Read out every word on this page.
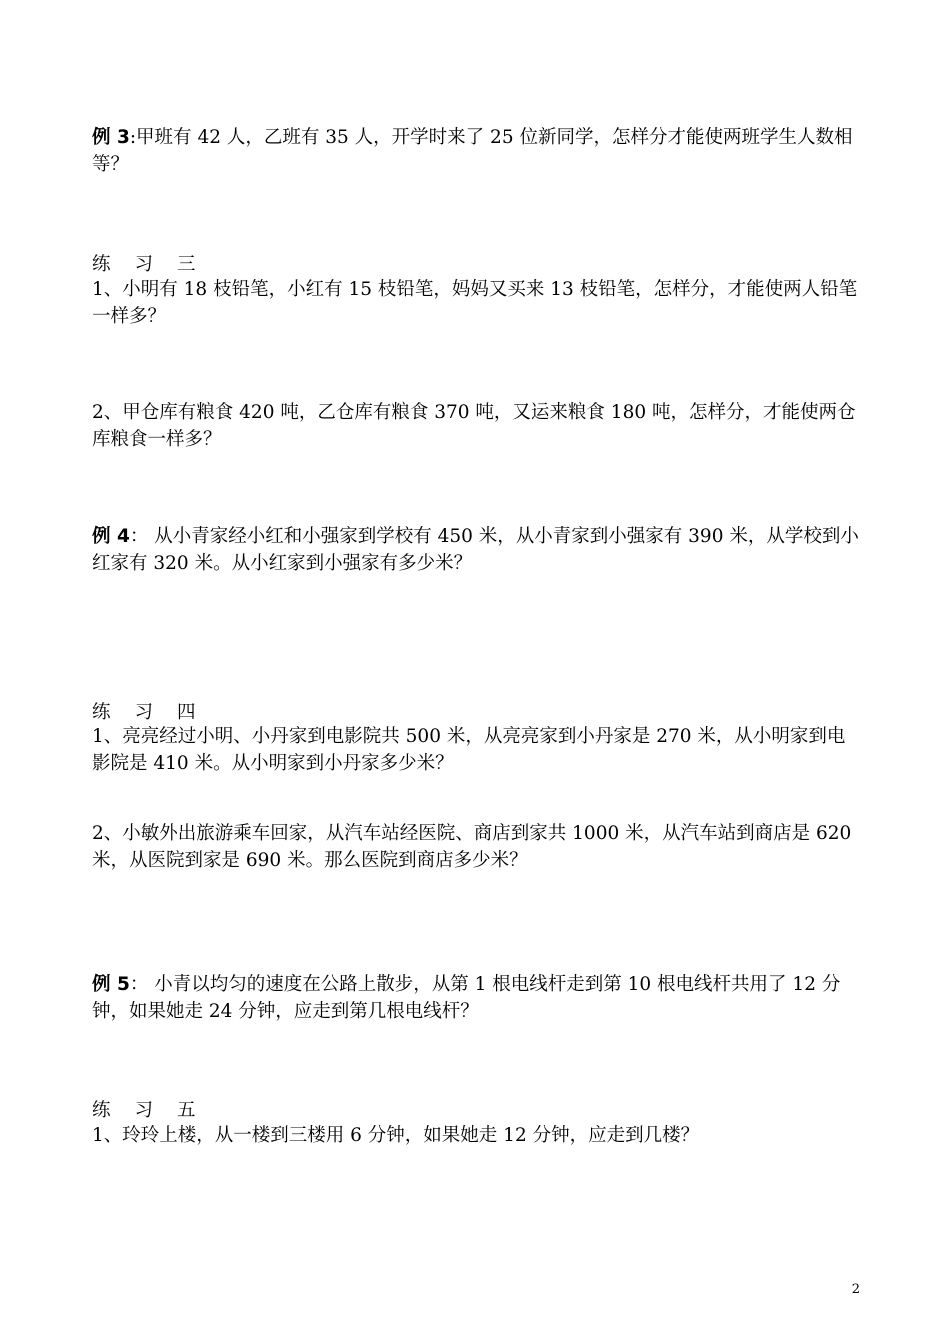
例 3:甲班有 42 人，乙班有 35 人，开学时来了 25 位新同学，怎样分才能使两班学生人数相等？

练 习 三

1、小明有 18 枝铅笔，小红有 15 枝铅笔，妈妈又买来 13 枝铅笔，怎样分，才能使两人铅笔一样多？

2、甲仓库有粮食 420 吨，乙仓库有粮食 370 吨，又运来粮食 180 吨，怎样分，才能使两仓库粮食一样多？

例 4： 从小青家经小红和小强家到学校有 450 米，从小青家到小强家有 390 米，从学校到小红家有 320 米。从小红家到小强家有多少米？

练 习 四

1、亮亮经过小明、小丹家到电影院共 500 米，从亮亮家到小丹家是 270 米，从小明家到电影院是 410 米。从小明家到小丹家多少米？

2、小敏外出旅游乘车回家，从汽车站经医院、商店到家共 1000 米，从汽车站到商店是 620 米，从医院到家是 690 米。那么医院到商店多少米？

例 5： 小青以均匀的速度在公路上散步，从第 1 根电线杆走到第 10 根电线杆共用了 12 分钟，如果她走 24 分钟，应走到第几根电线杆？

练 习 五

1、玲玲上楼，从一楼到三楼用 6 分钟，如果她走 12 分钟，应走到几楼？

2
